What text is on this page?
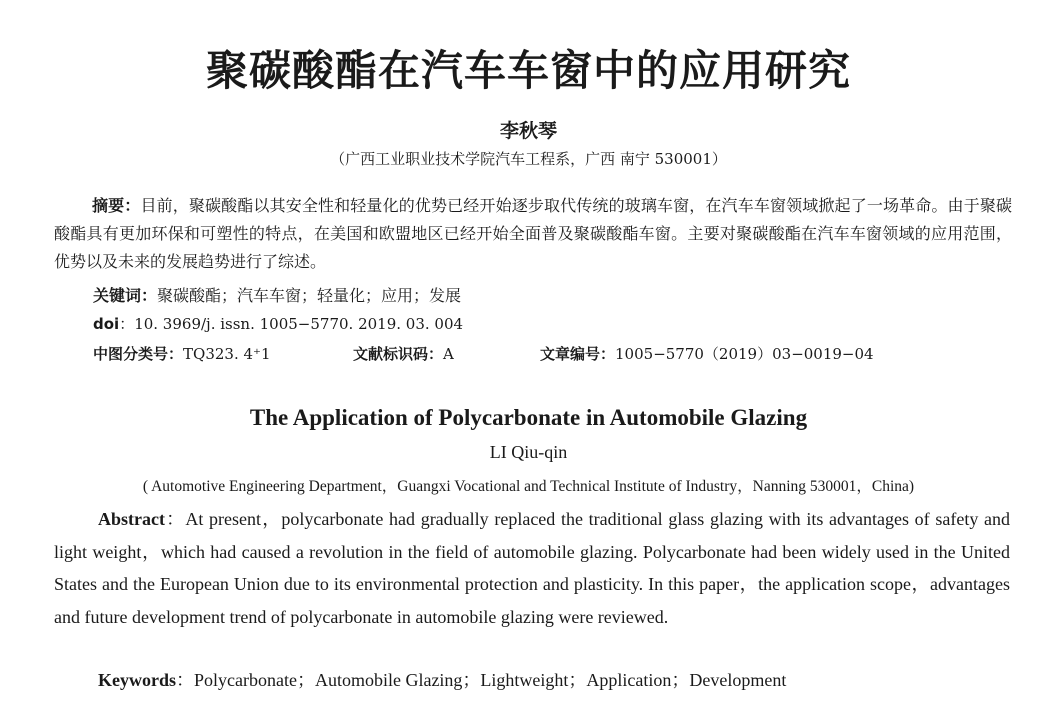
聚碳酸酯在汽车车窗中的应用研究
李秋琴
（广西工业职业技术学院汽车工程系，广西 南宁 530001）
摘要：目前，聚碳酸酯以其安全性和轻量化的优势已经开始逐步取代传统的玻璃车窗，在汽车车窗领域掀起了一场革命。由于聚碳酸酯具有更加环保和可塑性的特点，在美国和欧盟地区已经开始全面普及聚碳酸酯车窗。主要对聚碳酸酯在汽车车窗领域的应用范围，优势以及未来的发展趋势进行了综述。
关键词：聚碳酸酯；汽车车窗；轻量化；应用；发展
doi：10. 3969/j. issn. 1005−5770. 2019. 03. 004
中图分类号：TQ323. 4⁺1	文献标识码：A	文章编号：1005−5770（2019）03−0019−04
The Application of Polycarbonate in Automobile Glazing
LI Qiu-qin
( Automotive Engineering Department，Guangxi Vocational and Technical Institute of Industry，Nanning 530001，China)
Abstract：At present，polycarbonate had gradually replaced the traditional glass glazing with its advantages of safety and light weight，which had caused a revolution in the field of automobile glazing. Polycarbonate had been widely used in the United States and the European Union due to its environmental protection and plasticity. In this paper，the application scope，advantages and future development trend of polycarbonate in automobile glazing were reviewed.
Keywords：Polycarbonate；Automobile Glazing；Lightweight；Application；Development
